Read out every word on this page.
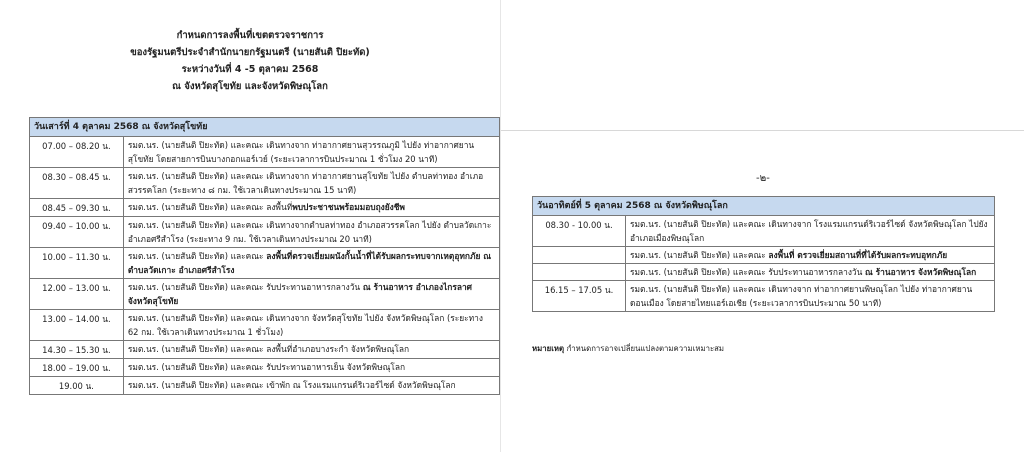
กำหนดการลงพื้นที่เขตตรวจราชการ
ของรัฐมนตรีประจำสำนักนายกรัฐมนตรี (นายสันติ ปิยะทัด)
ระหว่างวันที่ 4 -5 ตุลาคม 2568
ณ จังหวัดสุโขทัย และจังหวัดพิษณุโลก
วันเสาร์ที่ 4 ตุลาคม 2568 ณ จังหวัดสุโขทัย	
07.00 – 08.20 น.	รมต.นร. (นายสันติ ปิยะทัด) และคณะ เดินทางจาก ท่าอากาศยานสุวรรณภูมิ ไปยัง ท่าอากาศยานสุโขทัย โดยสายการบินบางกอกแอร์เวย์ (ระยะเวลาการบินประมาณ 1 ชั่วโมง 20 นาที)
08.30 – 08.45 น.	รมต.นร. (นายสันติ ปิยะทัด) และคณะ เดินทางจาก ท่าอากาศยานสุโขทัย ไปยัง ตำบลท่าทอง อำเภอสวรรคโลก (ระยะทาง ๘ กม. ใช้เวลาเดินทางประมาณ 15 นาที)
08.45 – 09.30 น.	รมต.นร. (นายสันติ ปิยะทัด) และคณะ ลงพื้นที่พบประชาชนพร้อมมอบถุงยังชีพ
09.40 – 10.00 น.	รมต.นร. (นายสันติ ปิยะทัด) และคณะ เดินทางจากตำบลท่าทอง อำเภอสวรรคโลก ไปยัง ตำบลวัดเกาะ อำเภอศรีสำโรง (ระยะทาง 9 กม. ใช้เวลาเดินทางประมาณ 20 นาที)
10.00 – 11.30 น.	รมต.นร. (นายสันติ ปิยะทัด) และคณะ ลงพื้นที่ตรวจเยี่ยมผนังกั้นน้ำที่ได้รับผลกระทบจากเหตุอุทกภัย ณ ตำบลวัดเกาะ อำเภอศรีสำโรง
12.00 – 13.00 น.	รมต.นร. (นายสันติ ปิยะทัด) และคณะ รับประทานอาหารกลางวัน ณ ร้านอาหาร อำเภองไกรลาศ จังหวัดสุโขทัย
13.00 – 14.00 น.	รมต.นร. (นายสันติ ปิยะทัด) และคณะ เดินทางจาก จังหวัดสุโขทัย ไปยัง จังหวัดพิษณุโลก (ระยะทาง 62 กม. ใช้เวลาเดินทางประมาณ 1 ชั่วโมง)
14.30 – 15.30 น.	รมต.นร. (นายสันติ ปิยะทัด) และคณะ ลงพื้นที่อำเภอบางระกำ จังหวัดพิษณุโลก
18.00 – 19.00 น.	รมต.นร. (นายสันติ ปิยะทัด) และคณะ รับประทานอาหารเย็น จังหวัดพิษณุโลก
19.00 น.	รมต.นร. (นายสันติ ปิยะทัด) และคณะ เข้าพัก ณ โรงแรมแกรนด์ริเวอร์ไซด์ จังหวัดพิษณุโลก
-๒-
วันอาทิตย์ที่ 5 ตุลาคม 2568 ณ จังหวัดพิษณุโลก	
08.30 - 10.00 น.	รมต.นร. (นายสันติ ปิยะทัด) และคณะ เดินทางจาก โรงแรมแกรนด์ริเวอร์ไซด์ จังหวัดพิษณุโลก ไปยัง อำเภอเมืองพิษณุโลก
	รมต.นร. (นายสันติ ปิยะทัด) และคณะ ลงพื้นที่ ตรวจเยี่ยมสถานที่ที่ได้รับผลกระทบอุทกภัย
	รมต.นร. (นายสันติ ปิยะทัด) และคณะ รับประทานอาหารกลางวัน ณ ร้านอาหาร จังหวัดพิษณุโลก
16.15 – 17.05 น.	รมต.นร. (นายสันติ ปิยะทัด) และคณะ เดินทางจาก ท่าอากาศยานพิษณุโลก ไปยัง ท่าอากาศยานดอนเมือง โดยสายไทยแอร์เอเชีย (ระยะเวลาการบินประมาณ 50 นาที)
หมายเหตุ กำหนดการอาจเปลี่ยนแปลงตามความเหมาะสม
